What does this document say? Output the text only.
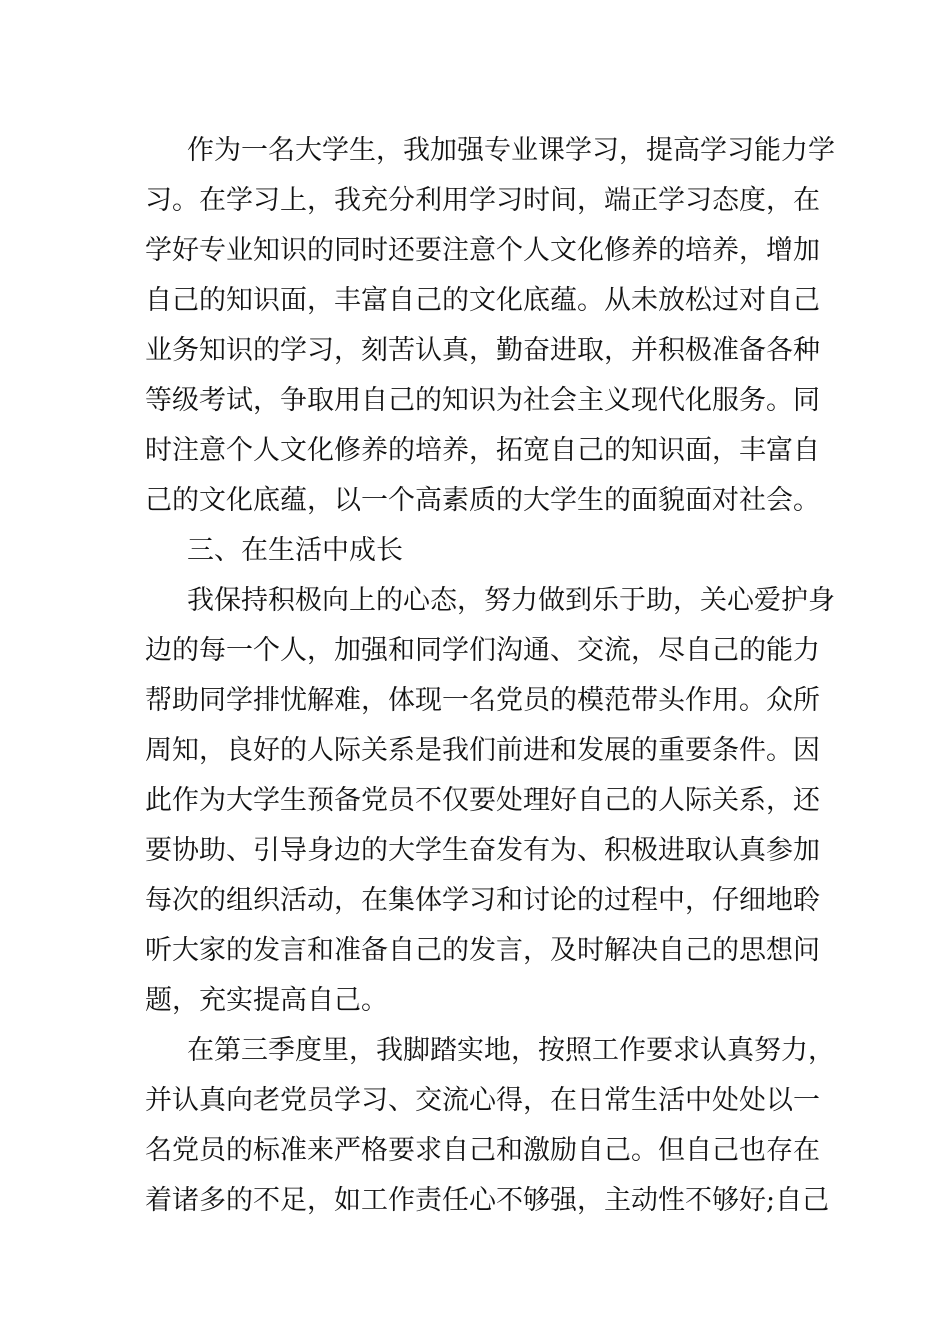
作为一名大学生，我加强专业课学习，提高学习能力学
习。在学习上，我充分利用学习时间，端正学习态度，在
学好专业知识的同时还要注意个人文化修养的培养，增加
自己的知识面，丰富自己的文化底蕴。从未放松过对自己
业务知识的学习，刻苦认真，勤奋进取，并积极准备各种
等级考试，争取用自己的知识为社会主义现代化服务。同
时注意个人文化修养的培养，拓宽自己的知识面，丰富自
己的文化底蕴，以一个高素质的大学生的面貌面对社会。
三、在生活中成长
我保持积极向上的心态，努力做到乐于助，关心爱护身
边的每一个人，加强和同学们沟通、交流，尽自己的能力
帮助同学排忧解难，体现一名党员的模范带头作用。众所
周知，良好的人际关系是我们前进和发展的重要条件。因
此作为大学生预备党员不仅要处理好自己的人际关系，还
要协助、引导身边的大学生奋发有为、积极进取认真参加
每次的组织活动，在集体学习和讨论的过程中，仔细地聆
听大家的发言和准备自己的发言，及时解决自己的思想问
题，充实提高自己。
在第三季度里，我脚踏实地，按照工作要求认真努力，
并认真向老党员学习、交流心得，在日常生活中处处以一
名党员的标准来严格要求自己和激励自己。但自己也存在
着诸多的不足，如工作责任心不够强，主动性不够好;自己
